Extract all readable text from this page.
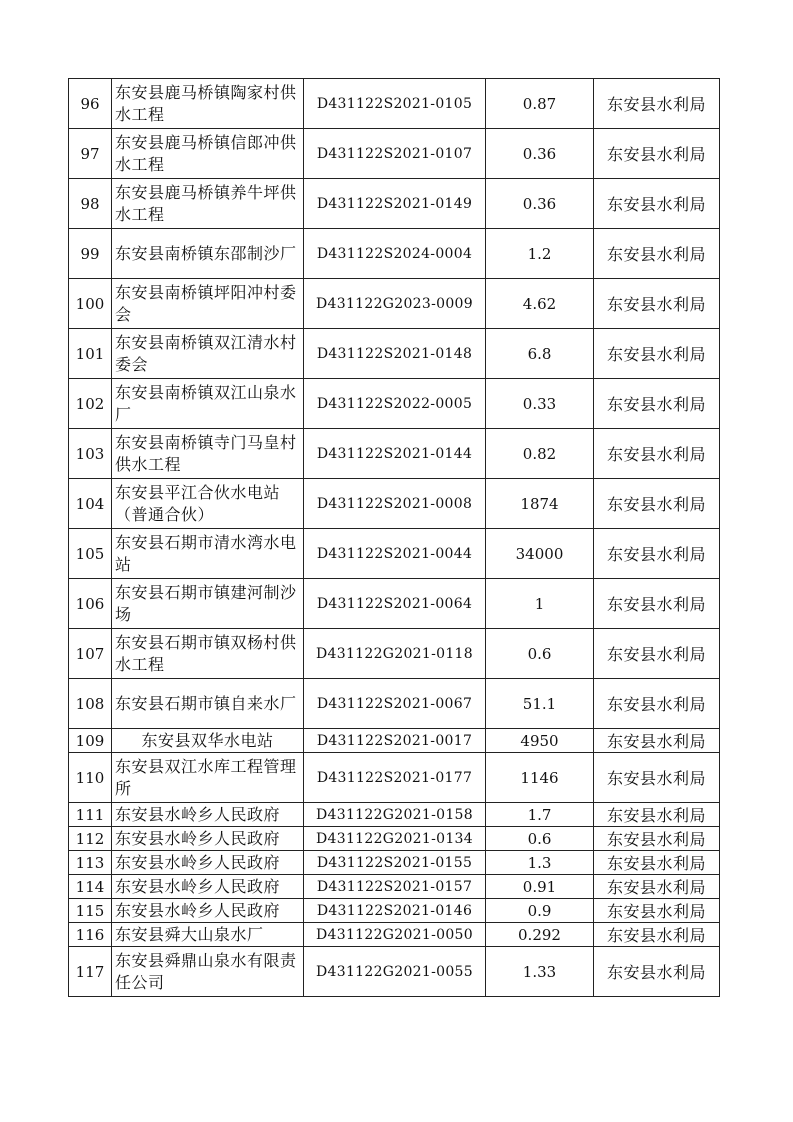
96	东安县鹿马桥镇陶家村供水工程	D431122S2021-0105	0.87	东安县水利局
97	东安县鹿马桥镇信郎冲供水工程	D431122S2021-0107	0.36	东安县水利局
98	东安县鹿马桥镇养牛坪供水工程	D431122S2021-0149	0.36	东安县水利局
99	东安县南桥镇东邵制沙厂	D431122S2024-0004	1.2	东安县水利局
100	东安县南桥镇坪阳冲村委会	D431122G2023-0009	4.62	东安县水利局
101	东安县南桥镇双江清水村委会	D431122S2021-0148	6.8	东安县水利局
102	东安县南桥镇双江山泉水厂	D431122S2022-0005	0.33	东安县水利局
103	东安县南桥镇寺门马皇村供水工程	D431122S2021-0144	0.82	东安县水利局
104	东安县平江合伙水电站（普通合伙）	D431122S2021-0008	1874	东安县水利局
105	东安县石期市清水湾水电站	D431122S2021-0044	34000	东安县水利局
106	东安县石期市镇建河制沙场	D431122S2021-0064	1	东安县水利局
107	东安县石期市镇双杨村供水工程	D431122G2021-0118	0.6	东安县水利局
108	东安县石期市镇自来水厂	D431122S2021-0067	51.1	东安县水利局
109	东安县双华水电站	D431122S2021-0017	4950	东安县水利局
110	东安县双江水库工程管理所	D431122S2021-0177	1146	东安县水利局
111	东安县水岭乡人民政府	D431122G2021-0158	1.7	东安县水利局
112	东安县水岭乡人民政府	D431122G2021-0134	0.6	东安县水利局
113	东安县水岭乡人民政府	D431122S2021-0155	1.3	东安县水利局
114	东安县水岭乡人民政府	D431122S2021-0157	0.91	东安县水利局
115	东安县水岭乡人民政府	D431122S2021-0146	0.9	东安县水利局
116	东安县舜大山泉水厂	D431122G2021-0050	0.292	东安县水利局
117	东安县舜鼎山泉水有限责任公司	D431122G2021-0055	1.33	东安县水利局
